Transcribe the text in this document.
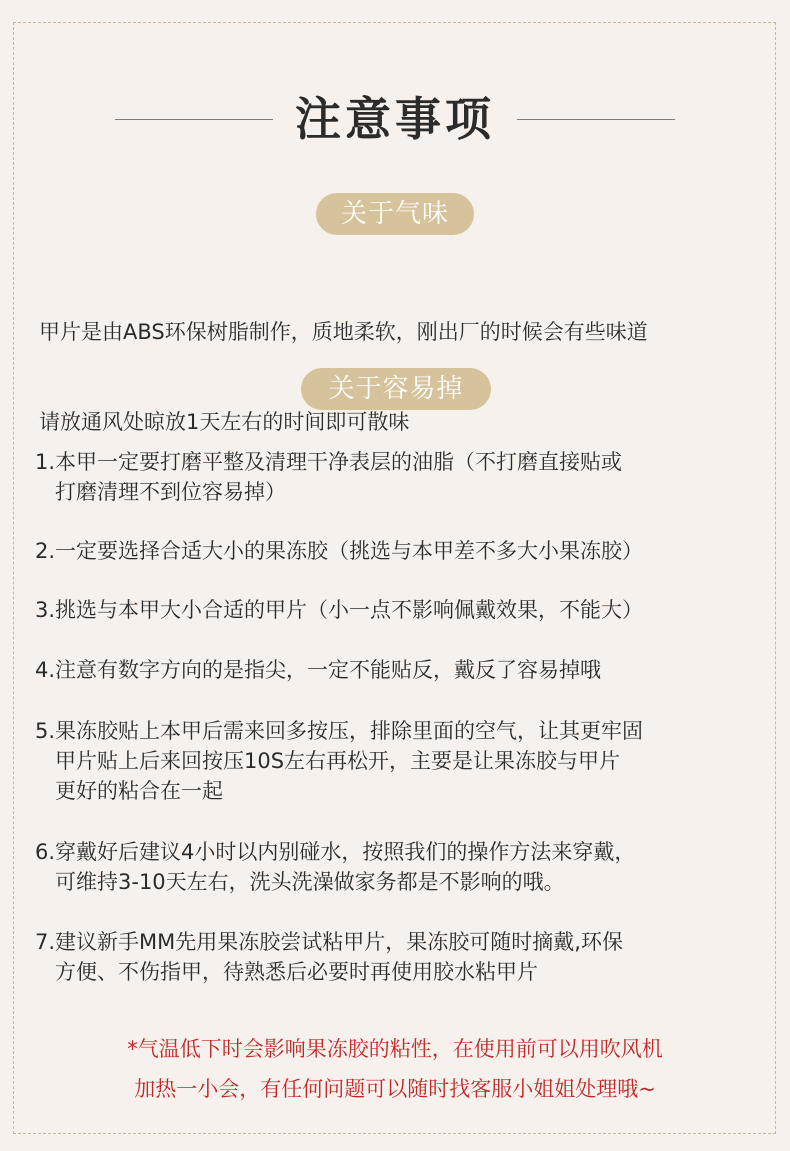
注意事项
关于气味

甲片是由ABS环保树脂制作，质地柔软，刚出厂的时候会有些味道

请放通风处晾放1天左右的时间即可散味

关于容易掉
1.本甲一定要打磨平整及清理干净表层的油脂（不打磨直接贴或
打磨清理不到位容易掉）
2.一定要选择合适大小的果冻胶（挑选与本甲差不多大小果冻胶）
3.挑选与本甲大小合适的甲片（小一点不影响佩戴效果，不能大）
4.注意有数字方向的是指尖，一定不能贴反，戴反了容易掉哦
5.果冻胶贴上本甲后需来回多按压，排除里面的空气，让其更牢固
甲片贴上后来回按压10S左右再松开，主要是让果冻胶与甲片
更好的粘合在一起
6.穿戴好后建议4小时以内别碰水，按照我们的操作方法来穿戴，
可维持3-10天左右，洗头洗澡做家务都是不影响的哦。
7.建议新手MM先用果冻胶尝试粘甲片，果冻胶可随时摘戴,环保
方便、不伤指甲，待熟悉后必要时再使用胶水粘甲片
*气温低下时会影响果冻胶的粘性，在使用前可以用吹风机
加热一小会，有任何问题可以随时找客服小姐姐处理哦~
